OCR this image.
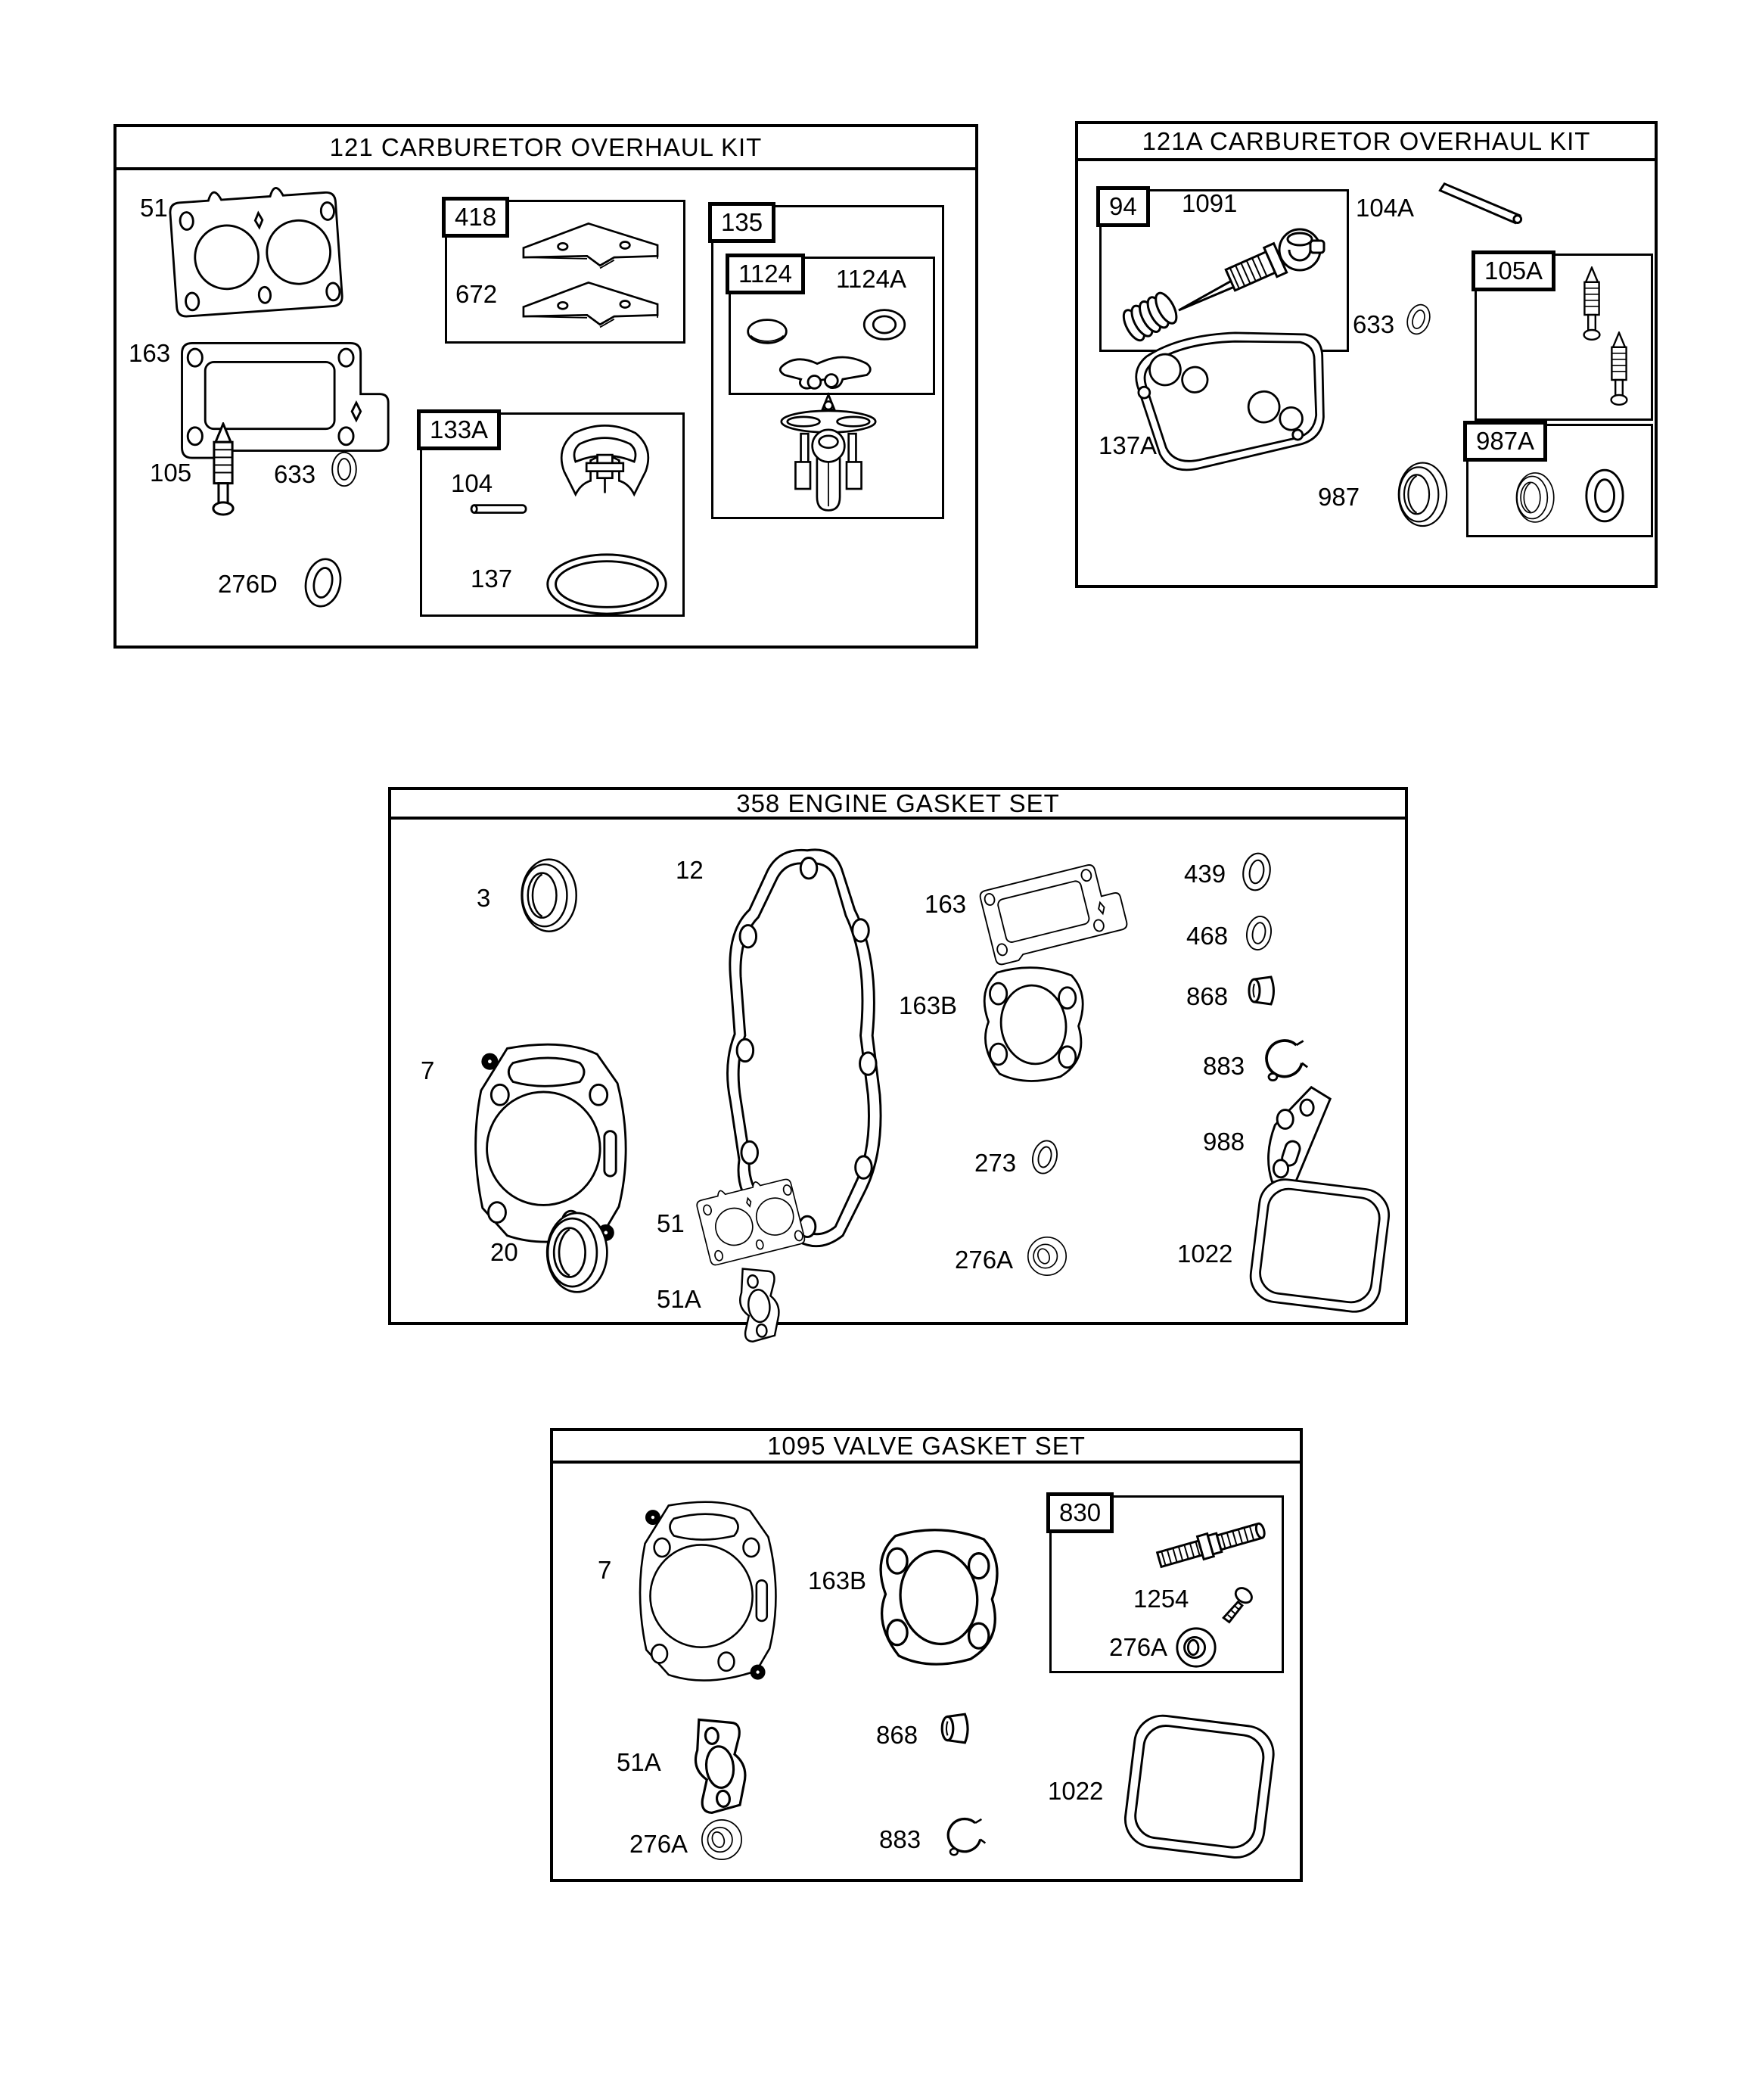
121 CARBURETOR OVERHAUL KIT
51
163
105	633
276D
418
672
135
1124	1124A
133A
104
137
121A CARBURETOR OVERHAUL KIT
94	1091	104A
633
105A
137A
987
987A
358 ENGINE GASKET SET
3
12
7
163
163B
439
468
868
883
988
273
276A	1022
51
20
51A
1095 VALVE GASKET SET
7	163B
830
1254
276A
51A
868
276A	883
1022
